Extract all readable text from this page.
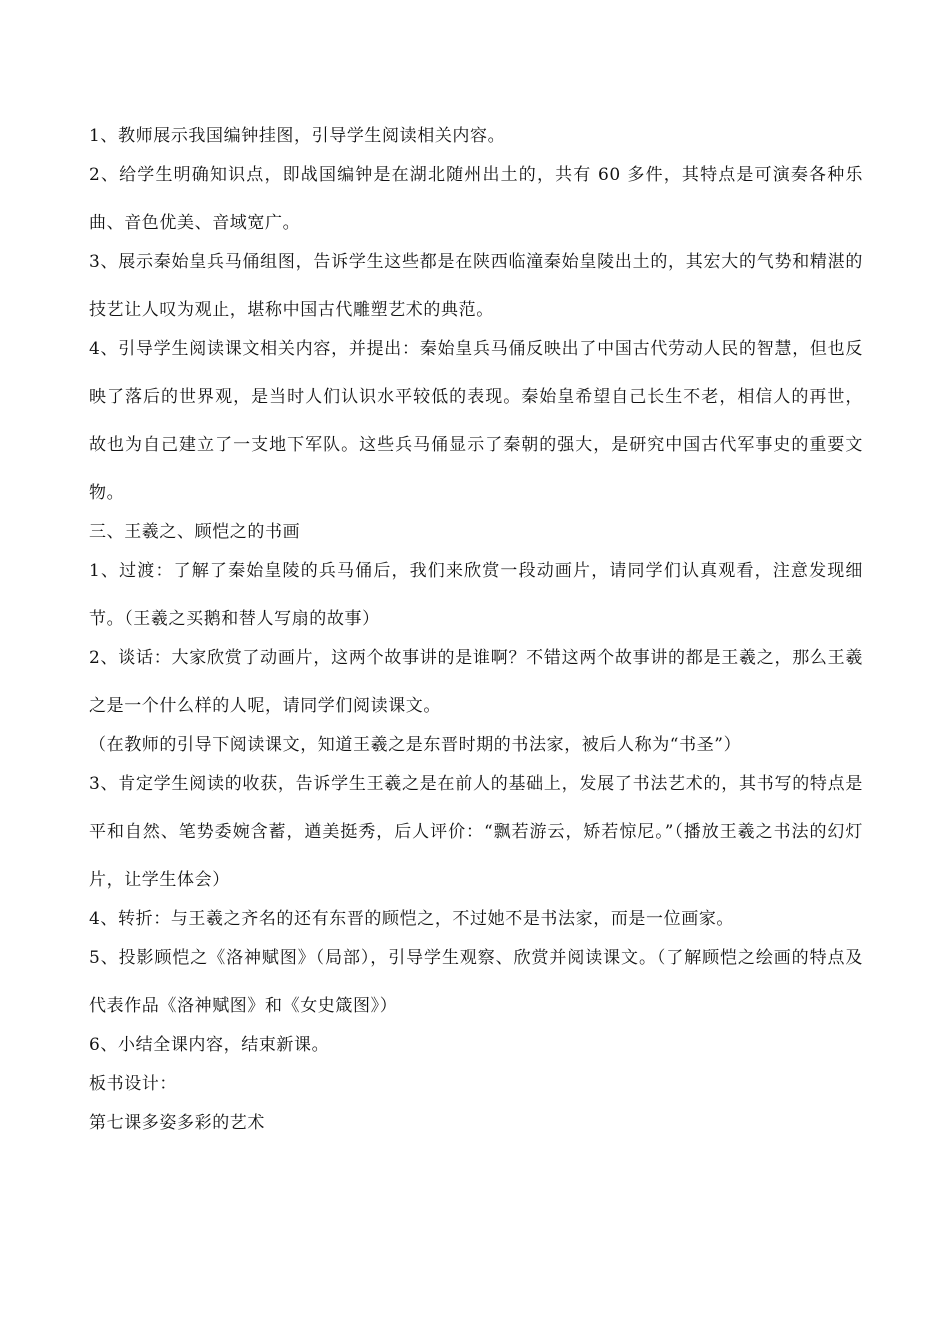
1、教师展示我国编钟挂图，引导学生阅读相关内容。

2、给学生明确知识点，即战国编钟是在湖北随州出土的，共有 60 多件，其特点是可演奏各种乐曲、音色优美、音域宽广。

3、展示秦始皇兵马俑组图，告诉学生这些都是在陕西临潼秦始皇陵出土的，其宏大的气势和精湛的技艺让人叹为观止，堪称中国古代雕塑艺术的典范。

4、引导学生阅读课文相关内容，并提出：秦始皇兵马俑反映出了中国古代劳动人民的智慧，但也反映了落后的世界观，是当时人们认识水平较低的表现。秦始皇希望自己长生不老，相信人的再世，故也为自己建立了一支地下军队。这些兵马俑显示了秦朝的强大，是研究中国古代军事史的重要文物。

三、王羲之、顾恺之的书画

1、过渡：了解了秦始皇陵的兵马俑后，我们来欣赏一段动画片，请同学们认真观看，注意发现细节。（王羲之买鹅和替人写扇的故事）

2、谈话：大家欣赏了动画片，这两个故事讲的是谁啊？不错这两个故事讲的都是王羲之，那么王羲之是一个什么样的人呢，请同学们阅读课文。

（在教师的引导下阅读课文，知道王羲之是东晋时期的书法家，被后人称为“书圣”）

3、肯定学生阅读的收获，告诉学生王羲之是在前人的基础上，发展了书法艺术的，其书写的特点是平和自然、笔势委婉含蓄，遒美挺秀，后人评价：“飘若游云，矫若惊尼。”（播放王羲之书法的幻灯片，让学生体会）

4、转折：与王羲之齐名的还有东晋的顾恺之，不过她不是书法家，而是一位画家。

5、投影顾恺之《洛神赋图》（局部），引导学生观察、欣赏并阅读课文。（了解顾恺之绘画的特点及代表作品《洛神赋图》和《女史箴图》）

6、小结全课内容，结束新课。

板书设计：

第七课多姿多彩的艺术
